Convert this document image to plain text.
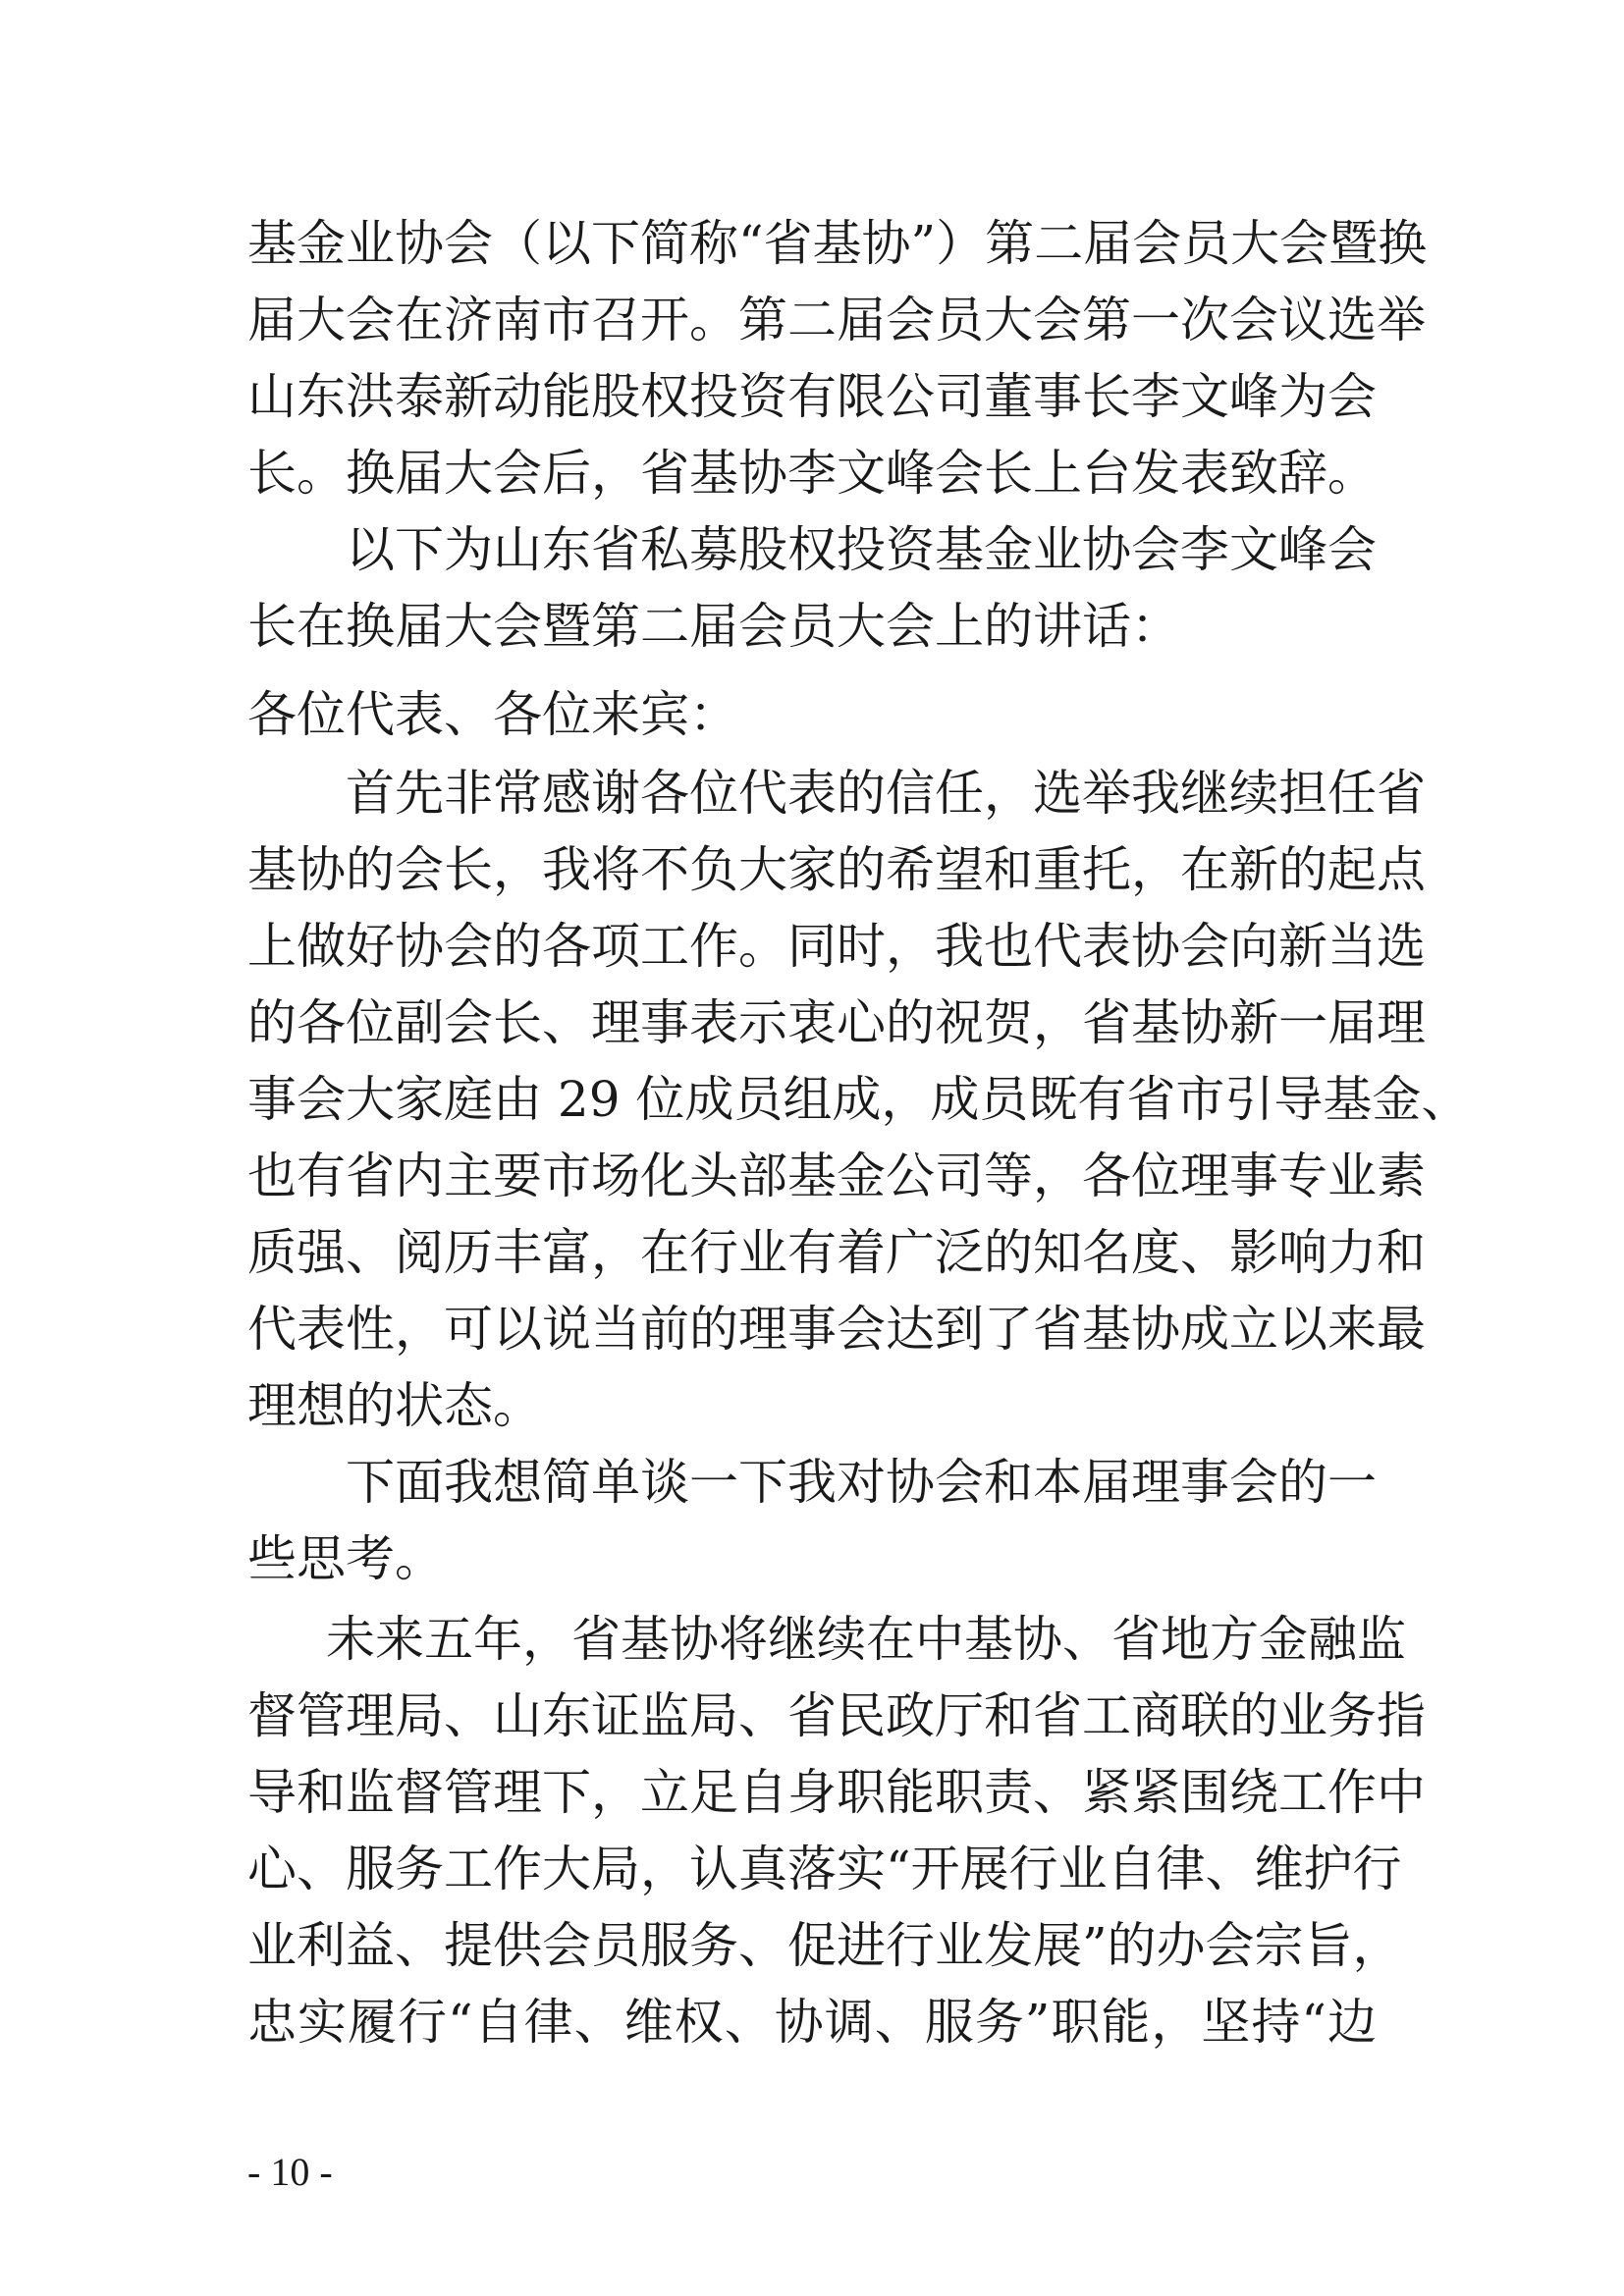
基金业协会（以下简称“省基协”）第二届会员大会暨换
届大会在济南市召开。第二届会员大会第一次会议选举
山东洪泰新动能股权投资有限公司董事长李文峰为会
长。换届大会后，省基协李文峰会长上台发表致辞。
以下为山东省私募股权投资基金业协会李文峰会
长在换届大会暨第二届会员大会上的讲话：
各位代表、各位来宾：
首先非常感谢各位代表的信任，选举我继续担任省
基协的会长，我将不负大家的希望和重托，在新的起点
上做好协会的各项工作。同时，我也代表协会向新当选
的各位副会长、理事表示衷心的祝贺，省基协新一届理
事会大家庭由 29 位成员组成，成员既有省市引导基金、
也有省内主要市场化头部基金公司等，各位理事专业素
质强、阅历丰富，在行业有着广泛的知名度、影响力和
代表性，可以说当前的理事会达到了省基协成立以来最
理想的状态。
下面我想简单谈一下我对协会和本届理事会的一
些思考。
未来五年，省基协将继续在中基协、省地方金融监
督管理局、山东证监局、省民政厅和省工商联的业务指
导和监督管理下，立足自身职能职责、紧紧围绕工作中
心、服务工作大局，认真落实“开展行业自律、维护行
业利益、提供会员服务、促进行业发展”的办会宗旨，
忠实履行“自律、维权、协调、服务”职能，坚持“边
- 10 -
